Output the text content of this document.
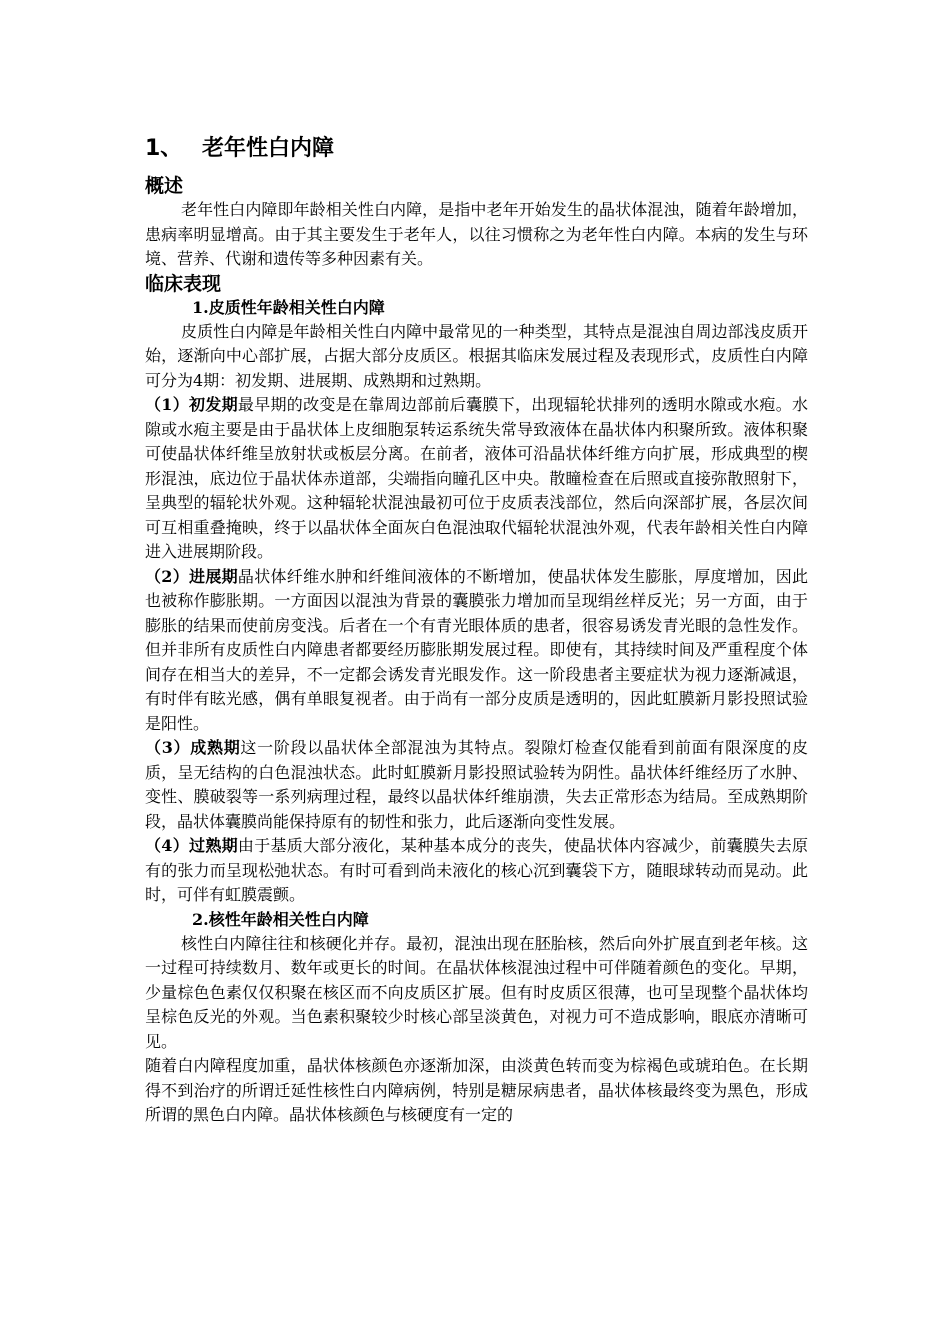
1、 老年性白内障
概述

老年性白内障即年龄相关性白内障，是指中老年开始发生的晶状体混浊，随着年龄增加，患病率明显增高。由于其主要发生于老年人，以往习惯称之为老年性白内障。本病的发生与环境、营养、代谢和遗传等多种因素有关。

临床表现
1.皮质性年龄相关性白内障

皮质性白内障是年龄相关性白内障中最常见的一种类型，其特点是混浊自周边部浅皮质开始，逐渐向中心部扩展，占据大部分皮质区。根据其临床发展过程及表现形式，皮质性白内障可分为4期：初发期、进展期、成熟期和过熟期。

（1）初发期最早期的改变是在靠周边部前后囊膜下，出现辐轮状排列的透明水隙或水疱。水隙或水疱主要是由于晶状体上皮细胞泵转运系统失常导致液体在晶状体内积聚所致。液体积聚可使晶状体纤维呈放射状或板层分离。在前者，液体可沿晶状体纤维方向扩展，形成典型的楔形混浊，底边位于晶状体赤道部，尖端指向瞳孔区中央。散瞳检查在后照或直接弥散照射下，呈典型的辐轮状外观。这种辐轮状混浊最初可位于皮质表浅部位，然后向深部扩展，各层次间可互相重叠掩映，终于以晶状体全面灰白色混浊取代辐轮状混浊外观，代表年龄相关性白内障进入进展期阶段。

（2）进展期晶状体纤维水肿和纤维间液体的不断增加，使晶状体发生膨胀，厚度增加，因此也被称作膨胀期。一方面因以混浊为背景的囊膜张力增加而呈现绢丝样反光；另一方面，由于膨胀的结果而使前房变浅。后者在一个有青光眼体质的患者，很容易诱发青光眼的急性发作。但并非所有皮质性白内障患者都要经历膨胀期发展过程。即使有，其持续时间及严重程度个体间存在相当大的差异，不一定都会诱发青光眼发作。这一阶段患者主要症状为视力逐渐减退，有时伴有眩光感，偶有单眼复视者。由于尚有一部分皮质是透明的，因此虹膜新月影投照试验是阳性。

（3）成熟期这一阶段以晶状体全部混浊为其特点。裂隙灯检查仅能看到前面有限深度的皮质，呈无结构的白色混浊状态。此时虹膜新月影投照试验转为阴性。晶状体纤维经历了水肿、变性、膜破裂等一系列病理过程，最终以晶状体纤维崩溃，失去正常形态为结局。至成熟期阶段，晶状体囊膜尚能保持原有的韧性和张力，此后逐渐向变性发展。

（4）过熟期由于基质大部分液化，某种基本成分的丧失，使晶状体内容减少，前囊膜失去原有的张力而呈现松弛状态。有时可看到尚未液化的核心沉到囊袋下方，随眼球转动而晃动。此时，可伴有虹膜震颤。

2.核性年龄相关性白内障

核性白内障往往和核硬化并存。最初，混浊出现在胚胎核，然后向外扩展直到老年核。这一过程可持续数月、数年或更长的时间。在晶状体核混浊过程中可伴随着颜色的变化。早期，少量棕色色素仅仅积聚在核区而不向皮质区扩展。但有时皮质区很薄，也可呈现整个晶状体均呈棕色反光的外观。当色素积聚较少时核心部呈淡黄色，对视力可不造成影响，眼底亦清晰可见。

随着白内障程度加重，晶状体核颜色亦逐渐加深，由淡黄色转而变为棕褐色或琥珀色。在长期得不到治疗的所谓迁延性核性白内障病例，特别是糖尿病患者，晶状体核最终变为黑色，形成所谓的黑色白内障。晶状体核颜色与核硬度有一定的
